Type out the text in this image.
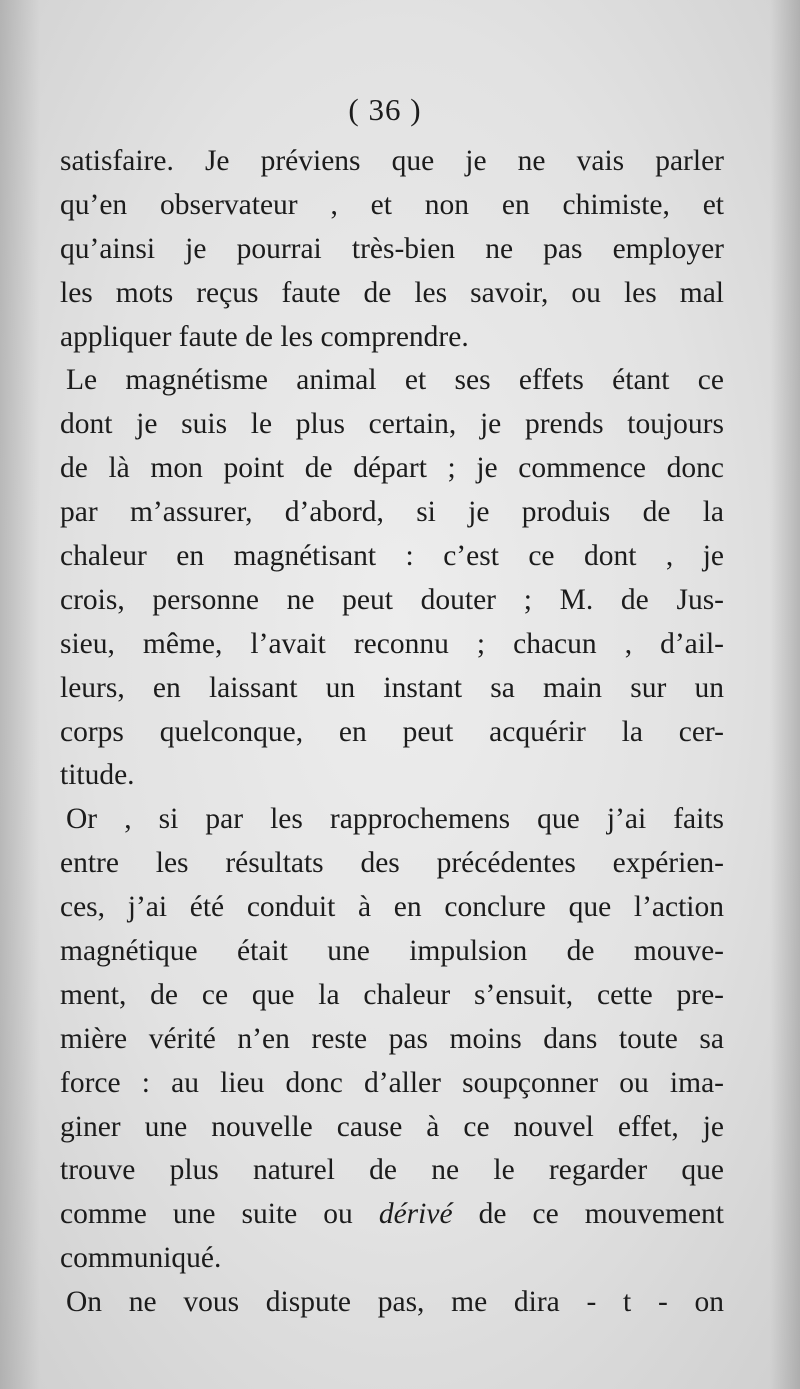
( 36 )
satisfaire. Je préviens que je ne vais parler
qu’en observateur , et non en chimiste, et
qu’ainsi je pourrai très-bien ne pas employer
les mots reçus faute de les savoir, ou les mal
appliquer faute de les comprendre.
Le magnétisme animal et ses effets étant ce
dont je suis le plus certain, je prends toujours
de là mon point de départ ; je commence donc
par m’assurer, d’abord, si je produis de la
chaleur en magnétisant : c’est ce dont , je
crois, personne ne peut douter ; M. de Jus-
sieu, même, l’avait reconnu ; chacun , d’ail-
leurs, en laissant un instant sa main sur un
corps quelconque, en peut acquérir la cer-
titude.
Or , si par les rapprochemens que j’ai faits
entre les résultats des précédentes expérien-
ces, j’ai été conduit à en conclure que l’action
magnétique était une impulsion de mouve-
ment, de ce que la chaleur s’ensuit, cette pre-
mière vérité n’en reste pas moins dans toute sa
force : au lieu donc d’aller soupçonner ou ima-
giner une nouvelle cause à ce nouvel effet, je
trouve plus naturel de ne le regarder que
comme une suite ou dérivé de ce mouvement
communiqué.
On ne vous dispute pas, me dira - t - on
